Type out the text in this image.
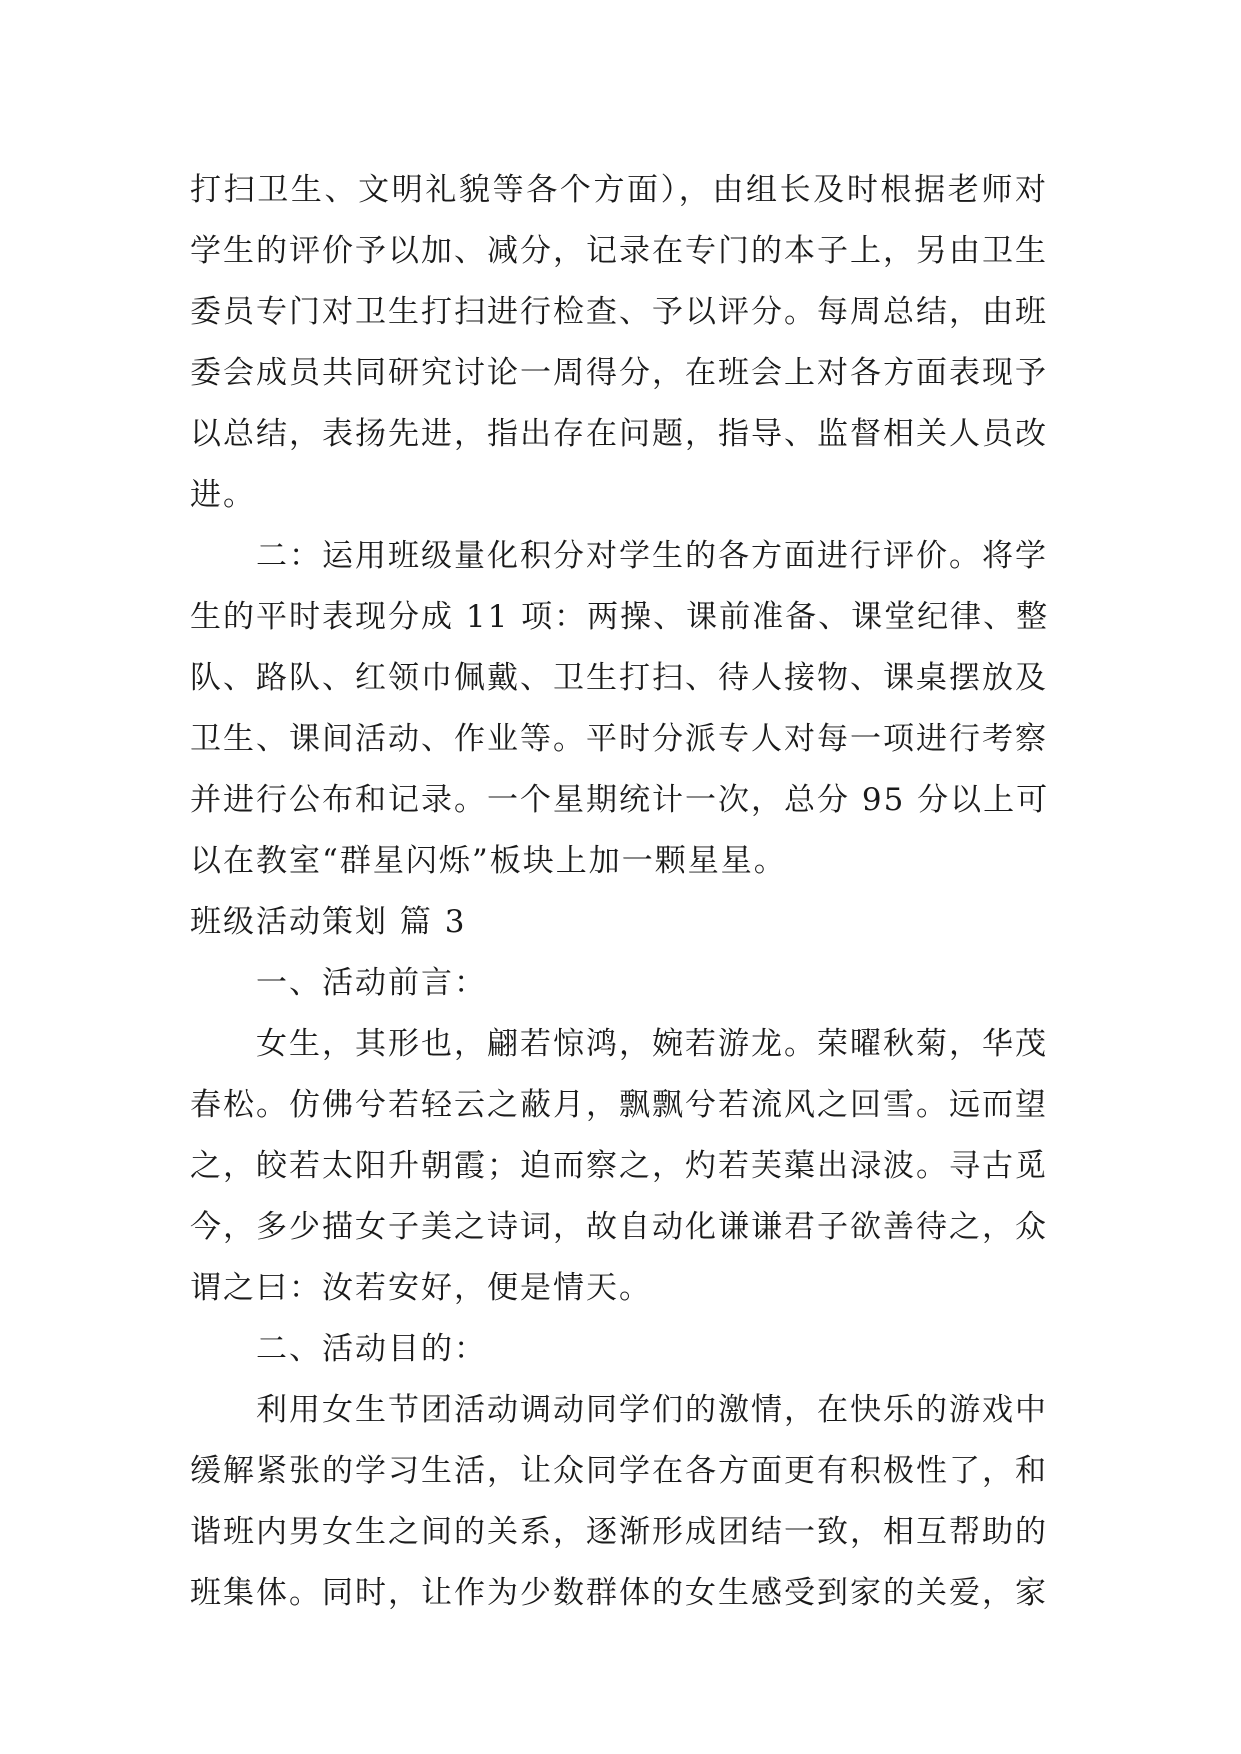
打扫卫生、文明礼貌等各个方面），由组长及时根据老师对
学生的评价予以加、减分，记录在专门的本子上，另由卫生
委员专门对卫生打扫进行检查、予以评分。每周总结，由班
委会成员共同研究讨论一周得分，在班会上对各方面表现予
以总结，表扬先进，指出存在问题，指导、监督相关人员改
进。
二：运用班级量化积分对学生的各方面进行评价。将学
生的平时表现分成 11 项：两操、课前准备、课堂纪律、整
队、路队、红领巾佩戴、卫生打扫、待人接物、课桌摆放及
卫生、课间活动、作业等。平时分派专人对每一项进行考察
并进行公布和记录。一个星期统计一次，总分 95 分以上可
以在教室“群星闪烁”板块上加一颗星星。
班级活动策划 篇 3
一、活动前言：
女生，其形也，翩若惊鸿，婉若游龙。荣曜秋菊，华茂
春松。仿佛兮若轻云之蔽月，飘飘兮若流风之回雪。远而望
之，皎若太阳升朝霞；迫而察之，灼若芙蕖出渌波。寻古觅
今，多少描女子美之诗词，故自动化谦谦君子欲善待之，众
谓之曰：汝若安好，便是情天。
二、活动目的：
利用女生节团活动调动同学们的激情，在快乐的游戏中
缓解紧张的学习生活，让众同学在各方面更有积极性了，和
谐班内男女生之间的关系，逐渐形成团结一致，相互帮助的
班集体。同时，让作为少数群体的女生感受到家的关爱，家
